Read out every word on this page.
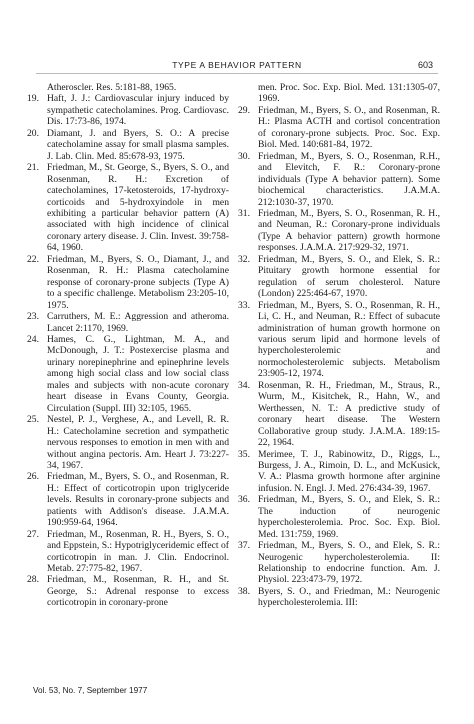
TYPE A BEHAVIOR PATTERN	603
Atheroscler. Res. 5:181-88, 1965.
19. Haft, J. J.: Cardiovascular injury induced by sympathetic catecholamines. Prog. Cardiovasc. Dis. 17:73-86, 1974.
20. Diamant, J. and Byers, S. O.: A precise catecholamine assay for small plasma samples. J. Lab. Clin. Med. 85:678-93, 1975.
21. Friedman, M., St. George, S., Byers, S. O., and Rosenman, R. H.: Excretion of catecholamines, 17-ketosteroids, 17-hydroxy-corticoids and 5-hydroxyindole in men exhibiting a particular behavior pattern (A) associated with high incidence of clinical coronary artery disease. J. Clin. Invest. 39:758-64, 1960.
22. Friedman, M., Byers, S. O., Diamant, J., and Rosenman, R. H.: Plasma catecholamine response of coronary-prone subjects (Type A) to a specific challenge. Metabolism 23:205-10, 1975.
23. Carruthers, M. E.: Aggression and atheroma. Lancet 2:1170, 1969.
24. Hames, C. G., Lightman, M. A., and McDonough, J. T.: Postexercise plasma and urinary norepinephrine and epinephrine levels among high social class and low social class males and subjects with non-acute coronary heart disease in Evans County, Georgia. Circulation (Suppl. III) 32:105, 1965.
25. Nestel, P. J., Verghese, A., and Levell, R. R. H.: Catecholamine secretion and sympathetic nervous responses to emotion in men with and without angina pectoris. Am. Heart J. 73:227-34, 1967.
26. Friedman, M., Byers, S. O., and Rosenman, R. H.: Effect of corticotropin upon triglyceride levels. Results in coronary-prone subjects and patients with Addison's disease. J.A.M.A. 190:959-64, 1964.
27. Friedman, M., Rosenman, R. H., Byers, S. O., and Eppstein, S.: Hypotriglyceridemic effect of corticotropin in man. J. Clin. Endocrinol. Metab. 27:775-82, 1967.
28. Friedman, M., Rosenman, R. H., and St. George, S.: Adrenal response to excess corticotropin in coronary-prone
men. Proc. Soc. Exp. Biol. Med. 131:1305-07, 1969.
29. Friedman, M., Byers, S. O., and Rosenman, R. H.: Plasma ACTH and cortisol concentration of coronary-prone subjects. Proc. Soc. Exp. Biol. Med. 140:681-84, 1972.
30. Friedman, M., Byers, S. O., Rosenman, R.H., and Elevitch, F. R.: Coronary-prone individuals (Type A behavior pattern). Some biochemical characteristics. J.A.M.A. 212:1030-37, 1970.
31. Friedman, M., Byers, S. O., Rosenman, R. H., and Neuman, R.: Coronary-prone individuals (Type A behavior pattern) growth hormone responses. J.A.M.A. 217:929-32, 1971.
32. Friedman, M., Byers, S. O., and Elek, S. R.: Pituitary growth hormone essential for regulation of serum cholesterol. Nature (London) 225:464-67, 1970.
33. Friedman, M., Byers, S. O., Rosenman, R. H., Li, C. H., and Neuman, R.: Effect of subacute administration of human growth hormone on various serum lipid and hormone levels of hypercholesterolemic and normocholesterolemic subjects. Metabolism 23:905-12, 1974.
34. Rosenman, R. H., Friedman, M., Straus, R., Wurm, M., Kisitchek, R., Hahn, W., and Werthessen, N. T.: A predictive study of coronary heart disease. The Western Collaborative group study. J.A.M.A. 189:15-22, 1964.
35. Merimee, T. J., Rabinowitz, D., Riggs, L., Burgess, J. A., Rimoin, D. L., and McKusick, V. A.: Plasma growth hormone after arginine infusion. N. Engl. J. Med. 276:434-39, 1967.
36. Friedman, M., Byers, S. O., and Elek, S. R.: The induction of neurogenic hypercholesterolemia. Proc. Soc. Exp. Biol. Med. 131:759, 1969.
37. Friedman, M., Byers, S. O., and Elek, S. R.: Neurogenic hypercholesterolemia. II: Relationship to endocrine function. Am. J. Physiol. 223:473-79, 1972.
38. Byers, S. O., and Friedman, M.: Neurogenic hypercholesterolemia. III:
Vol. 53, No. 7, September 1977
